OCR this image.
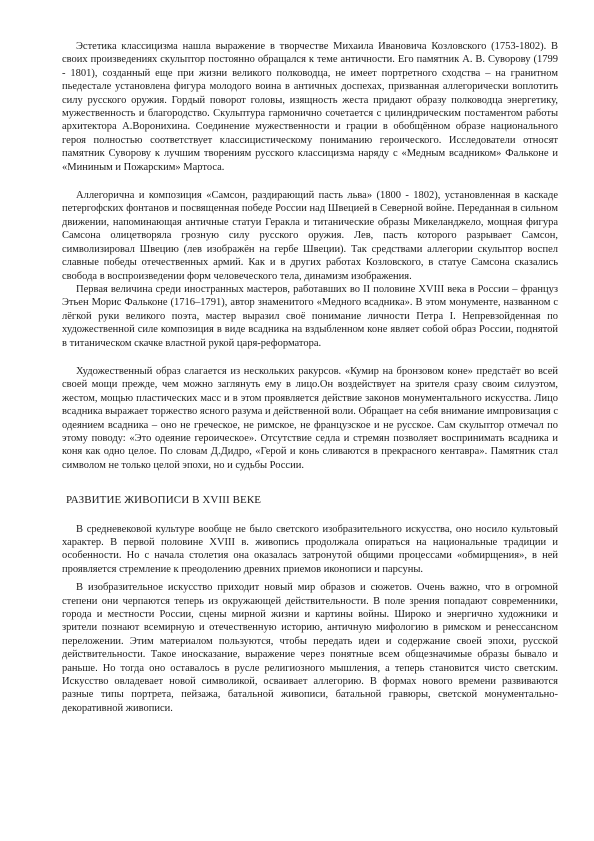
Эстетика классицизма нашла выражение в творчестве Михаила Ивановича Козловского (1753-1802). В своих произведениях скульптор постоянно обращался к теме античности. Его памятник А. В. Суворову (1799 - 1801), созданный еще при жизни великого полководца, не имеет портретного сходства – на гранитном пьедестале установлена фигура молодого воина в античных доспехах, призванная аллегорически воплотить силу русского оружия. Гордый поворот головы, изящность жеста придают образу полководца энергетику, мужественность и благородство. Скульптура гармонично сочетается с цилиндрическим постаментом работы архитектора А.Воронихина. Соединение мужественности и грации в обобщённом образе национального героя полностью соответствует классицистическому пониманию героического. Исследователи относят памятник Суворову к лучшим творениям русского классицизма наряду с «Медным всадником» Фальконе и «Мининым и Пожарским» Мартоса.

Аллегорична и композиция «Самсон, раздирающий пасть льва» (1800 - 1802), установленная в каскаде петергофских фонтанов и посвященная победе России над Швецией в Северной войне. Переданная в сильном движении, напоминающая античные статуи Геракла и титанические образы Микеланджело, мощная фигура Самсона олицетворяла грозную силу русского оружия. Лев, пасть которого разрывает Самсон, символизировал Швецию (лев изображён на гербе Швеции). Так средствами аллегории скульптор воспел славные победы отечественных армий. Как и в других работах Козловского, в статуе Самсона сказались свобода в воспроизведении форм человеческого тела, динамизм изображения.

Первая величина среди иностранных мастеров, работавших во II половине XVIII века в России – француз Этьен Морис Фальконе (1716–1791), автор знаменитого «Медного всадника». В этом монументе, названном с лёгкой руки великого поэта, мастер выразил своё понимание личности Петра I. Непревзойденная по художественной силе композиция в виде всадника на вздыбленном коне являет собой образ России, поднятой в титаническом скачке властной рукой царя-реформатора.

Художественный образ слагается из нескольких ракурсов. «Кумир на бронзовом коне» предстаёт во всей своей мощи прежде, чем можно заглянуть ему в лицо.Он воздействует на зрителя сразу своим силуэтом, жестом, мощью пластических масс и в этом проявляется действие законов монументального искусства. Лицо всадника выражает торжество ясного разума и действенной воли. Обращает на себя внимание импровизация с одеянием всадника – оно не греческое, не римское, не французское и не русское. Сам скульптор отмечал по этому поводу: «Это одеяние героическое». Отсутствие седла и стремян позволяет воспринимать всадника и коня как одно целое. По словам Д.Дидро, «Герой и конь сливаются в прекрасного кентавра». Памятник стал символом не только целой эпохи, но и судьбы России.

РАЗВИТИЕ ЖИВОПИСИ В XVIII ВЕКЕ

В средневековой культуре вообще не было светского изобразительного искусства, оно носило культовый характер. В первой половине XVIII в. живопись продолжала опираться на национальные традиции и особенности. Но с начала столетия она оказалась затронутой общими процессами «обмирщения», в ней проявляется стремление к преодолению древних приемов иконописи и парсуны.

В изобразительное искусство приходит новый мир образов и сюжетов. Очень важно, что в огромной степени они черпаются теперь из окружающей действительности. В поле зрения попадают современники, города и местности России, сцены мирной жизни и картины войны. Широко и энергично художники и зрители познают всемирную и отечественную историю, античную мифологию в римском и ренессансном переложении. Этим материалом пользуются, чтобы передать идеи и содержание своей эпохи, русской действительности. Такое иносказание, выражение через понятные всем общезначимые образы бывало и раньше. Но тогда оно оставалось в русле религиозного мышления, а теперь становится чисто светским. Искусство овладевает новой символикой, осваивает аллегорию. В формах нового времени развиваются разные типы портрета, пейзажа, батальной живописи, батальной гравюры, светской монументально-декоративной живописи.
